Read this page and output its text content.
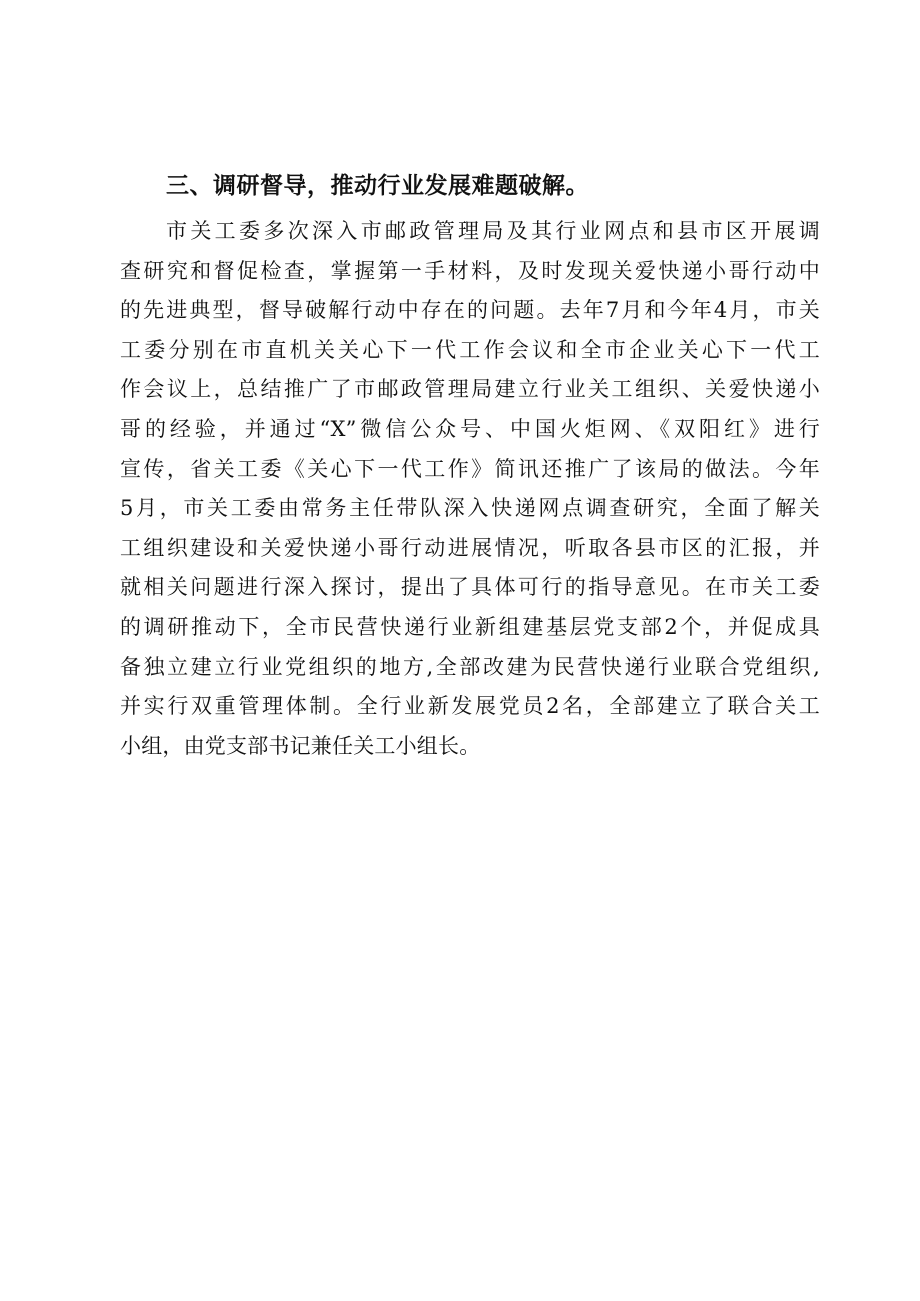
三、调研督导，推动行业发展难题破解。
市关工委多次深入市邮政管理局及其行业网点和县市区开展调
查研究和督促检查，掌握第一手材料，及时发现关爱快递小哥行动中
的先进典型，督导破解行动中存在的问题。去年7月和今年4月，市关
工委分别在市直机关关心下一代工作会议和全市企业关心下一代工
作会议上，总结推广了市邮政管理局建立行业关工组织、关爱快递小
哥的经验，并通过“X”微信公众号、中国火炬网、《双阳红》进行
宣传，省关工委《关心下一代工作》简讯还推广了该局的做法。今年
5月，市关工委由常务主任带队深入快递网点调查研究，全面了解关
工组织建设和关爱快递小哥行动进展情况，听取各县市区的汇报，并
就相关问题进行深入探讨，提出了具体可行的指导意见。在市关工委
的调研推动下，全市民营快递行业新组建基层党支部2个，并促成具
备独立建立行业党组织的地方,全部改建为民营快递行业联合党组织,
并实行双重管理体制。全行业新发展党员2名，全部建立了联合关工
小组，由党支部书记兼任关工小组长。
